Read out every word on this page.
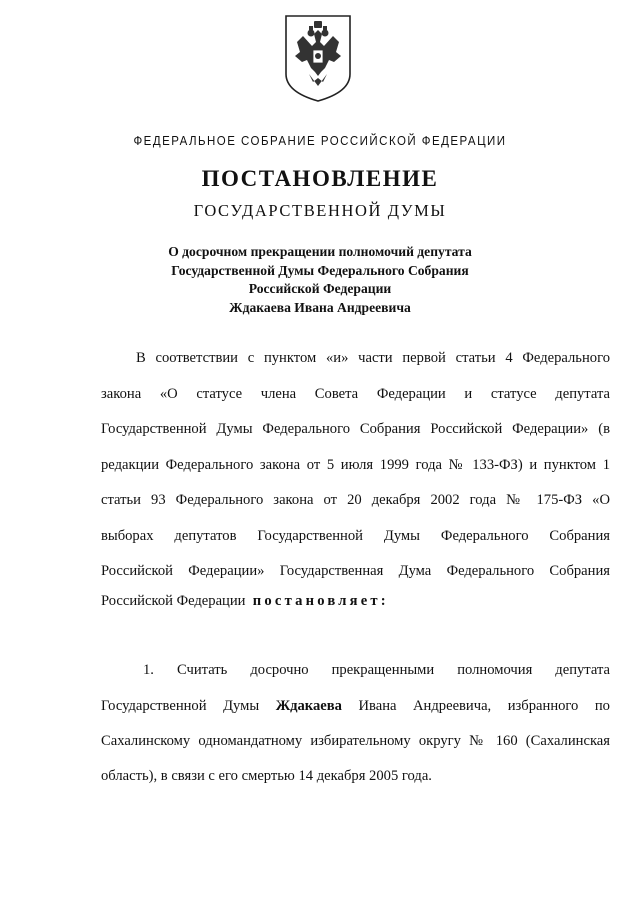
ФЕДЕРАЛЬНОЕ СОБРАНИЕ РОССИЙСКОЙ ФЕДЕРАЦИИ
ПОСТАНОВЛЕНИЕ
ГОСУДАРСТВЕННОЙ ДУМЫ
О досрочном прекращении полномочий депутата
Государственной Думы Федерального Собрания
Российской Федерации
Ждакаева Ивана Андреевича
В соответствии с пунктом «и» части первой статьи 4 Федерального
закона «О статусе члена Совета Федерации и статусе депутата
Государственной Думы Федерального Собрания Российской Федерации» (в
редакции Федерального закона от 5 июля 1999 года № 133-ФЗ) и пунктом 1
статьи 93 Федерального закона от 20 декабря 2002 года № 175-ФЗ «О
выборах депутатов Государственной Думы Федерального Собрания
Российской Федерации» Государственная Дума Федерального Собрания
Российской Федерации постановляет:
1. Считать досрочно прекращенными полномочия депутата
Государственной Думы Ждакаева Ивана Андреевича, избранного по
Сахалинскому одномандатному избирательному округу № 160 (Сахалинская
область), в связи с его смертью 14 декабря 2005 года.
